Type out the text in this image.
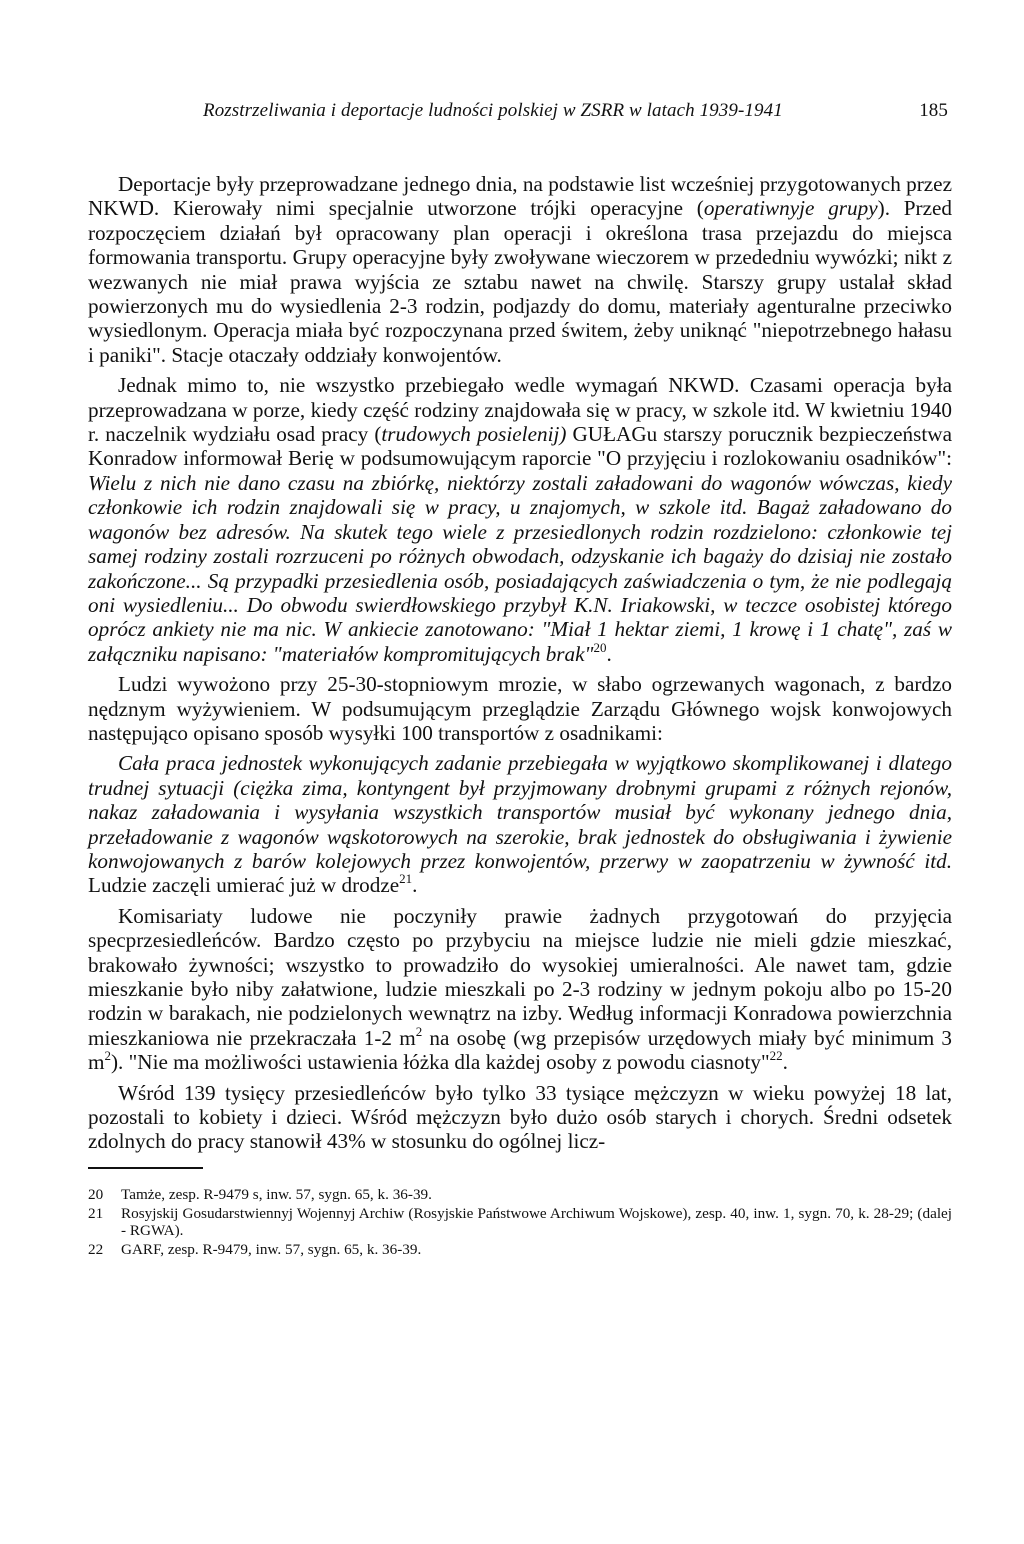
Rozstrzeliwania i deportacje ludności polskiej w ZSRR w latach 1939-1941	185

Deportacje były przeprowadzane jednego dnia, na podstawie list wcześniej przygotowanych przez NKWD. Kierowały nimi specjalnie utworzone trójki operacyjne (operatiwnyje grupy). Przed rozpoczęciem działań był opracowany plan operacji i określona trasa przejazdu do miejsca formowania transportu. Grupy operacyjne były zwoływane wieczorem w przededniu wywózki; nikt z wezwanych nie miał prawa wyjścia ze sztabu nawet na chwilę. Starszy grupy ustalał skład powierzonych mu do wysiedlenia 2-3 rodzin, podjazdy do domu, materiały agenturalne przeciwko wysiedlonym. Operacja miała być rozpoczynana przed świtem, żeby uniknąć "niepotrzebnego hałasu i paniki". Stacje otaczały oddziały konwojentów.

Jednak mimo to, nie wszystko przebiegało wedle wymagań NKWD. Czasami operacja była przeprowadzana w porze, kiedy część rodziny znajdowała się w pracy, w szkole itd. W kwietniu 1940 r. naczelnik wydziału osad pracy (trudowych posielenij) GUŁAGu starszy porucznik bezpieczeństwa Konradow informował Berię w podsumowującym raporcie "O przyjęciu i rozlokowaniu osadników": Wielu z nich nie dano czasu na zbiórkę, niektórzy zostali załadowani do wagonów wówczas, kiedy członkowie ich rodzin znajdowali się w pracy, u znajomych, w szkole itd. Bagaż załadowano do wagonów bez adresów. Na skutek tego wiele z przesiedlonych rodzin rozdzielono: członkowie tej samej rodziny zostali rozrzuceni po różnych obwodach, odzyskanie ich bagaży do dzisiaj nie zostało zakończone... Są przypadki przesiedlenia osób, posiadających zaświadczenia o tym, że nie podlegają oni wysiedleniu... Do obwodu swierdłowskiego przybył K.N. Iriakowski, w teczce osobistej którego oprócz ankiety nie ma nic. W ankiecie zanotowano: "Miał 1 hektar ziemi, 1 krowę i 1 chatę", zaś w załączniku napisano: "materiałów kompromitujących brak"$^{20}$.

Ludzi wywożono przy 25-30-stopniowym mrozie, w słabo ogrzewanych wagonach, z bardzo nędznym wyżywieniem. W podsumującym przeglądzie Zarządu Głównego wojsk konwojowych następująco opisano sposób wysyłki 100 transportów z osadnikami:

Cała praca jednostek wykonujących zadanie przebiegała w wyjątkowo skomplikowanej i dlatego trudnej sytuacji (ciężka zima, kontyngent był przyjmowany drobnymi grupami z różnych rejonów, nakaz załadowania i wysyłania wszystkich transportów musiał być wykonany jednego dnia, przeładowanie z wagonów wąskotorowych na szerokie, brak jednostek do obsługiwania i żywienie konwojowanych z barów kolejowych przez konwojentów, przerwy w zaopatrzeniu w żywność itd. Ludzie zaczęli umierać już w drodze$^{21}$.

Komisariaty ludowe nie poczyniły prawie żadnych przygotowań do przyjęcia specprzesiedleńców. Bardzo często po przybyciu na miejsce ludzie nie mieli gdzie mieszkać, brakowało żywności; wszystko to prowadziło do wysokiej umieralności. Ale nawet tam, gdzie mieszkanie było niby załatwione, ludzie mieszkali po 2-3 rodziny w jednym pokoju albo po 15-20 rodzin w barakach, nie podzielonych wewnątrz na izby. Według informacji Konradowa powierzchnia mieszkaniowa nie przekraczała 1-2 $m^2$ na osobę (wg przepisów urzędowych miały być minimum 3 $m^2$). "Nie ma możliwości ustawienia łóżka dla każdej osoby z powodu ciasnoty"$^{22}$.

Wśród 139 tysięcy przesiedleńców było tylko 33 tysiące mężczyzn w wieku powyżej 18 lat, pozostali to kobiety i dzieci. Wśród mężczyzn było dużo osób starych i chorych. Średni odsetek zdolnych do pracy stanowił 43% w stosunku do ogólnej licz-

20	Tamże, zesp. R-9479 s, inw. 57, sygn. 65, k. 36-39.
21	Rosyjskij Gosudarstwiennyj Wojennyj Archiw (Rosyjskie Państwowe Archiwum Wojskowe), zesp. 40, inw. 1, sygn. 70, k. 28-29; (dalej - RGWA).
22	GARF, zesp. R-9479, inw. 57, sygn. 65, k. 36-39.
